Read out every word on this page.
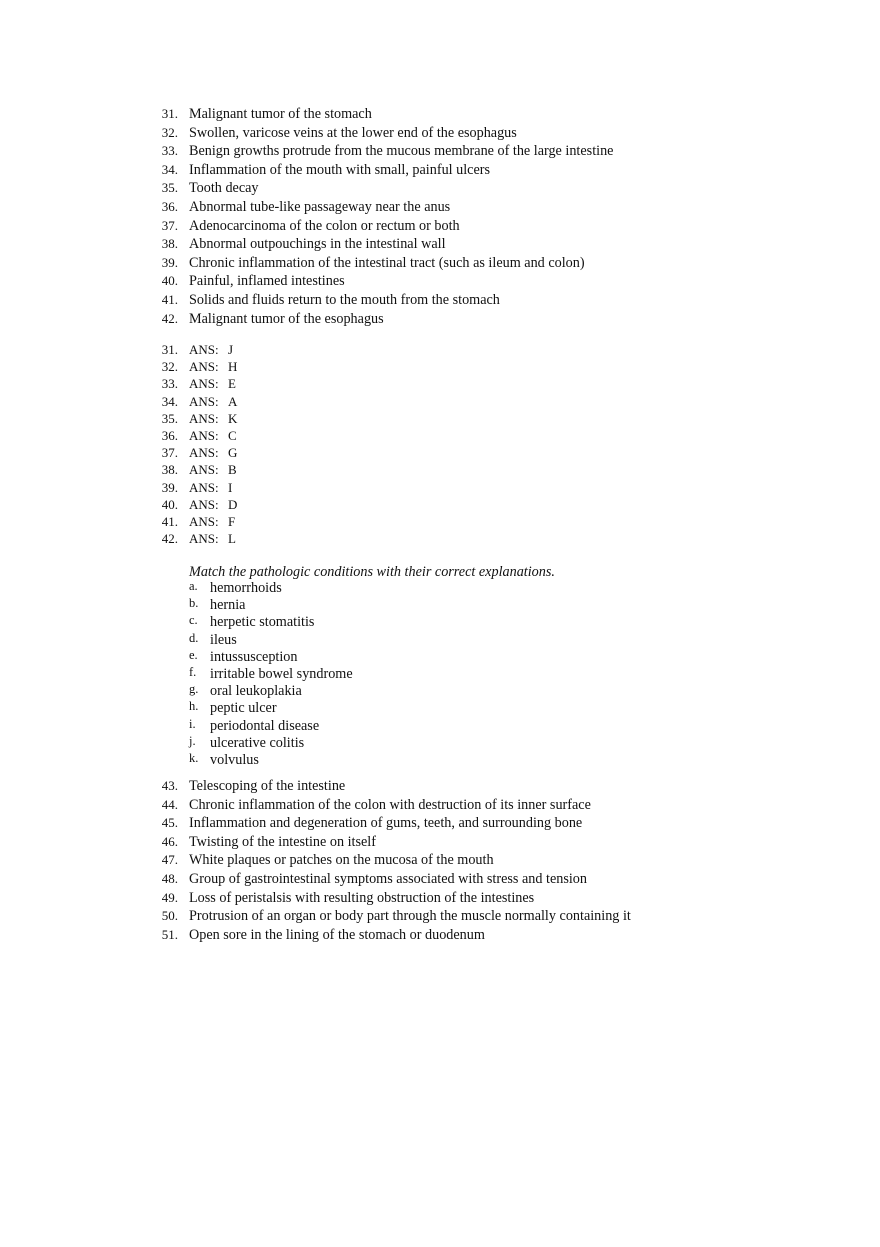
31. Malignant tumor of the stomach
32. Swollen, varicose veins at the lower end of the esophagus
33. Benign growths protrude from the mucous membrane of the large intestine
34. Inflammation of the mouth with small, painful ulcers
35. Tooth decay
36. Abnormal tube-like passageway near the anus
37. Adenocarcinoma of the colon or rectum or both
38. Abnormal outpouchings in the intestinal wall
39. Chronic inflammation of the intestinal tract (such as ileum and colon)
40. Painful, inflamed intestines
41. Solids and fluids return to the mouth from the stomach
42. Malignant tumor of the esophagus
31. ANS: J
32. ANS: H
33. ANS: E
34. ANS: A
35. ANS: K
36. ANS: C
37. ANS: G
38. ANS: B
39. ANS: I
40. ANS: D
41. ANS: F
42. ANS: L
Match the pathologic conditions with their correct explanations.
a. hemorrhoids
b. hernia
c. herpetic stomatitis
d. ileus
e. intussusception
f. irritable bowel syndrome
g. oral leukoplakia
h. peptic ulcer
i. periodontal disease
j. ulcerative colitis
k. volvulus
43. Telescoping of the intestine
44. Chronic inflammation of the colon with destruction of its inner surface
45. Inflammation and degeneration of gums, teeth, and surrounding bone
46. Twisting of the intestine on itself
47. White plaques or patches on the mucosa of the mouth
48. Group of gastrointestinal symptoms associated with stress and tension
49. Loss of peristalsis with resulting obstruction of the intestines
50. Protrusion of an organ or body part through the muscle normally containing it
51. Open sore in the lining of the stomach or duodenum
